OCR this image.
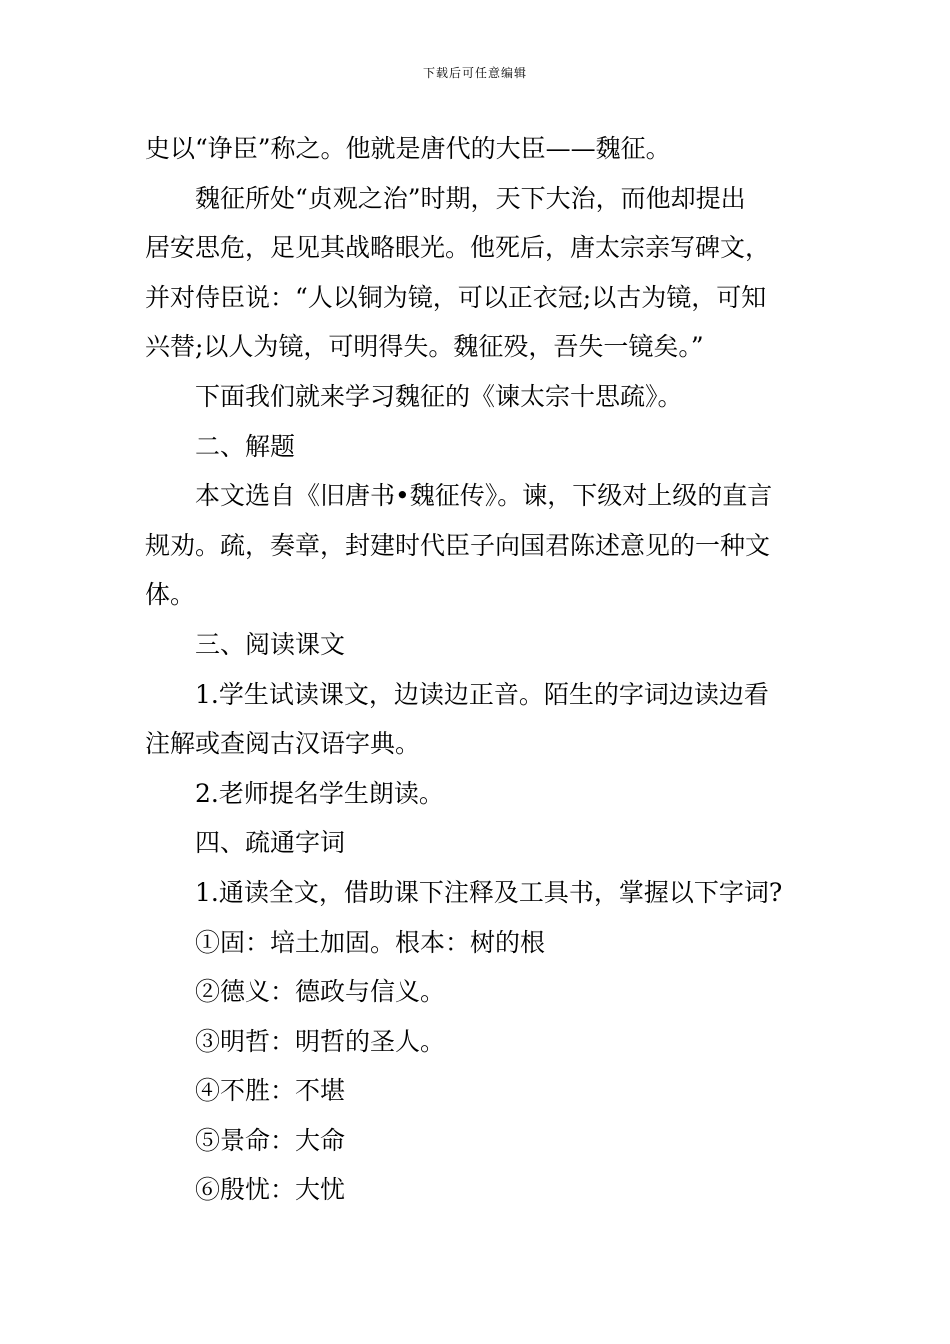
下载后可任意编辑
史以“诤臣”称之。他就是唐代的大臣——魏征。
魏征所处“贞观之治”时期，天下大治，而他却提出
居安思危，足见其战略眼光。他死后，唐太宗亲写碑文，
并对侍臣说：“人以铜为镜，可以正衣冠;以古为镜，可知
兴替;以人为镜，可明得失。魏征殁，吾失一镜矣。”
下面我们就来学习魏征的《谏太宗十思疏》。
二、解题
本文选自《旧唐书•魏征传》。谏，下级对上级的直言
规劝。疏，奏章，封建时代臣子向国君陈述意见的一种文
体。
三、阅读课文
1.学生试读课文，边读边正音。陌生的字词边读边看
注解或查阅古汉语字典。
2.老师提名学生朗读。
四、疏通字词
1.通读全文，借助课下注释及工具书，掌握以下字词?
①固：培土加固。根本：树的根
②德义：德政与信义。
③明哲：明哲的圣人。
④不胜：不堪
⑤景命：大命
⑥殷忧：大忧
